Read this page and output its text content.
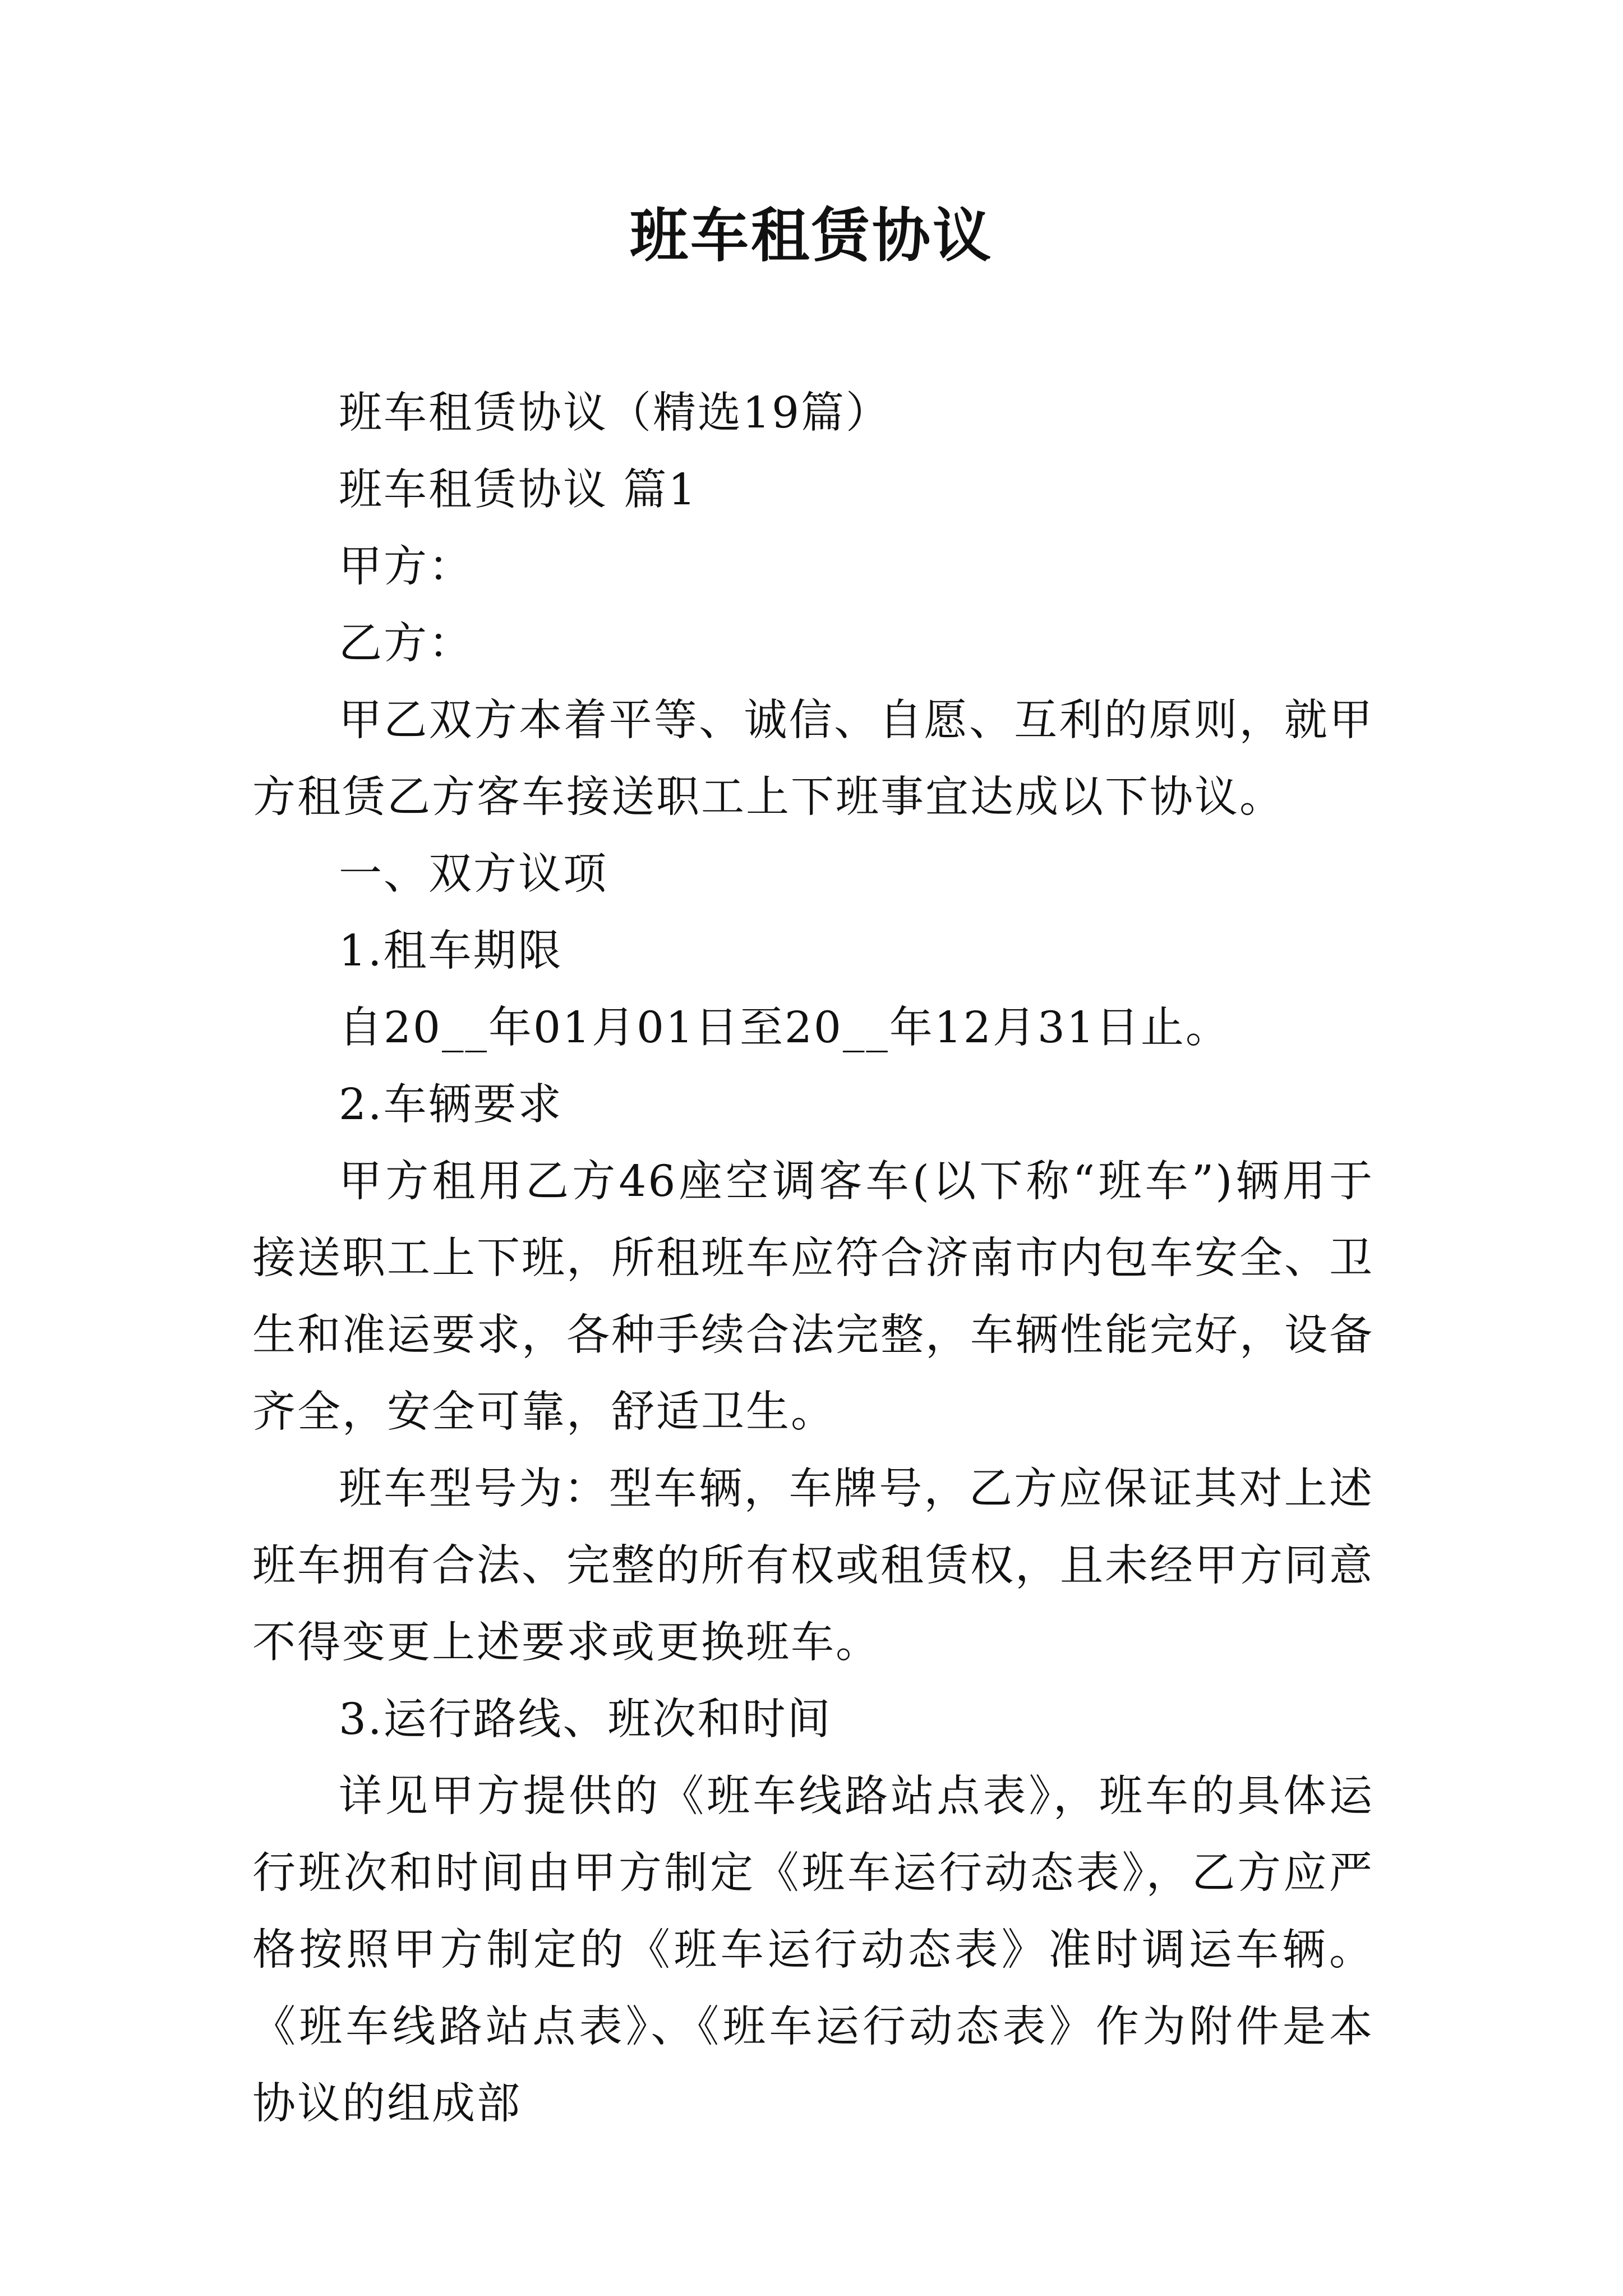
班车租赁协议

班车租赁协议（精选19篇）

班车租赁协议 篇1

甲方：

乙方：

甲乙双方本着平等、诚信、自愿、互利的原则，就甲方租赁乙方客车接送职工上下班事宜达成以下协议。

一、双方议项

1.租车期限

自20__年01月01日至20__年12月31日止。

2.车辆要求

甲方租用乙方46座空调客车(以下称“班车”)辆用于接送职工上下班，所租班车应符合济南市内包车安全、卫生和准运要求，各种手续合法完整，车辆性能完好，设备齐全，安全可靠，舒适卫生。

班车型号为：型车辆，车牌号，乙方应保证其对上述班车拥有合法、完整的所有权或租赁权，且未经甲方同意不得变更上述要求或更换班车。

3.运行路线、班次和时间

详见甲方提供的《班车线路站点表》，班车的具体运行班次和时间由甲方制定《班车运行动态表》，乙方应严格按照甲方制定的《班车运行动态表》准时调运车辆。《班车线路站点表》、《班车运行动态表》作为附件是本协议的组成部
